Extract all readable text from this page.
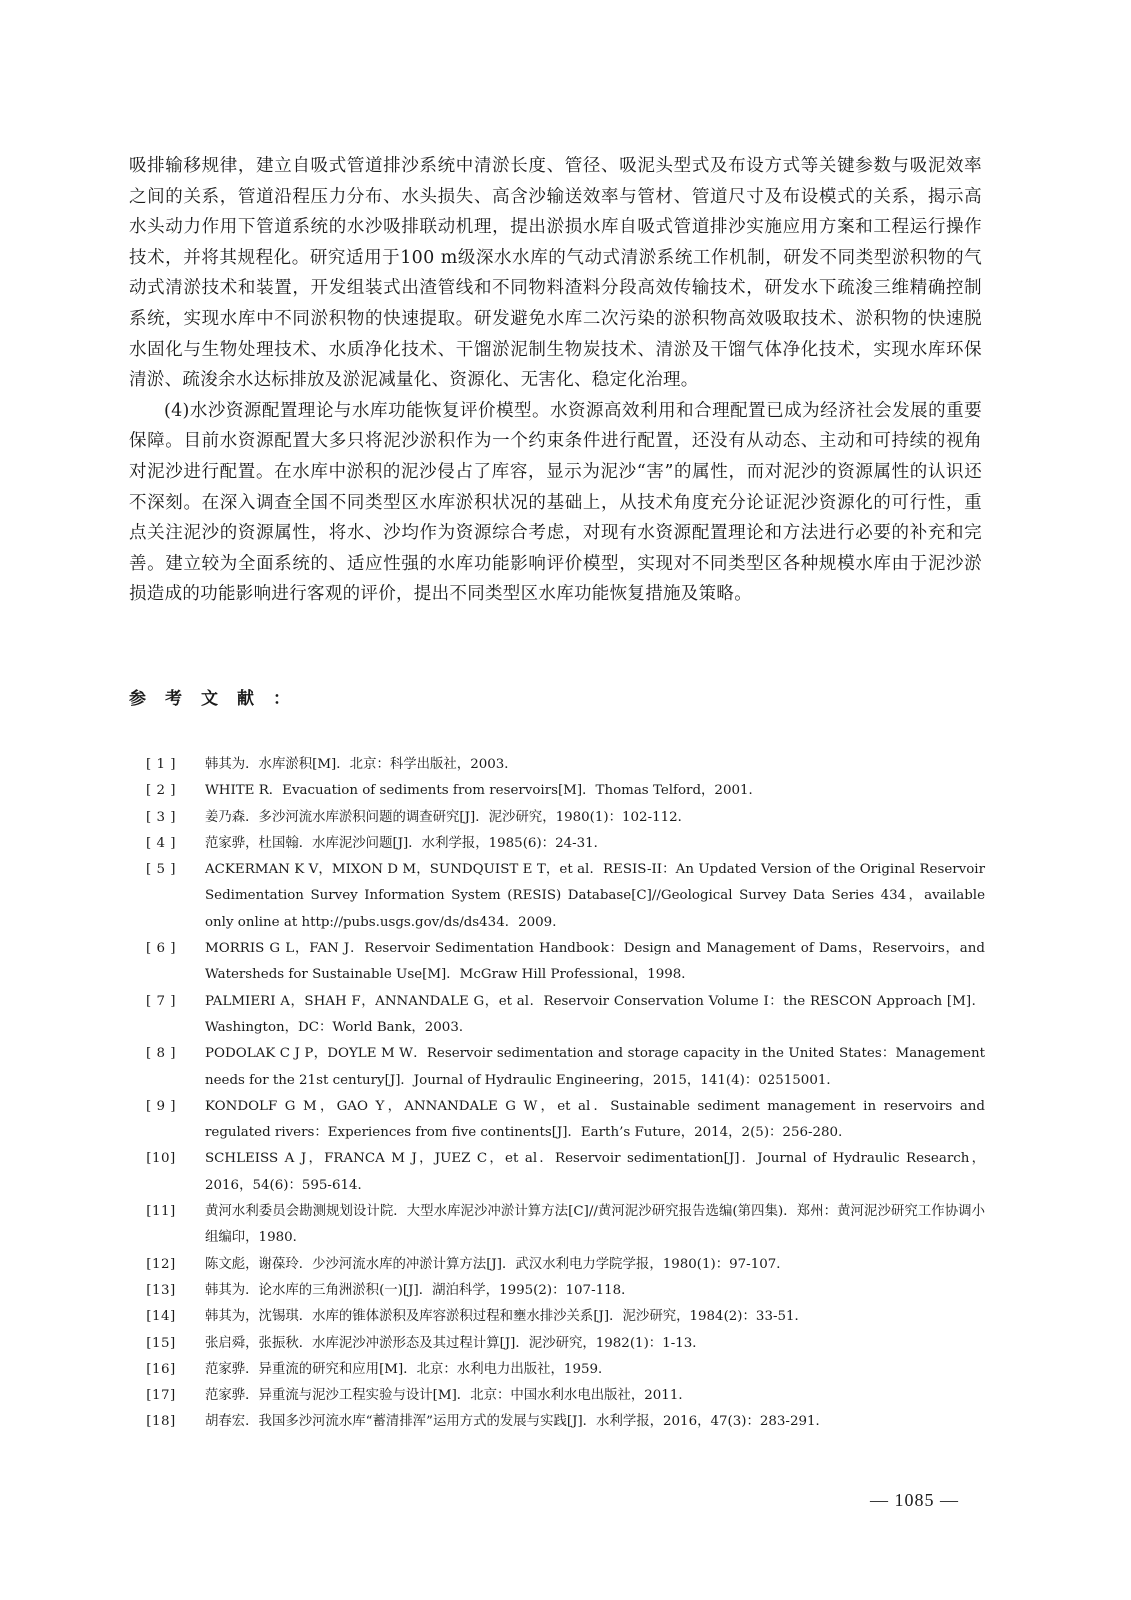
吸排输移规律，建立自吸式管道排沙系统中清淤长度、管径、吸泥头型式及布设方式等关键参数与吸泥效率之间的关系，管道沿程压力分布、水头损失、高含沙输送效率与管材、管道尺寸及布设模式的关系，揭示高水头动力作用下管道系统的水沙吸排联动机理，提出淤损水库自吸式管道排沙实施应用方案和工程运行操作技术，并将其规程化。研究适用于100 m级深水水库的气动式清淤系统工作机制，研发不同类型淤积物的气动式清淤技术和装置，开发组装式出渣管线和不同物料渣料分段高效传输技术，研发水下疏浚三维精确控制系统，实现水库中不同淤积物的快速提取。研发避免水库二次污染的淤积物高效吸取技术、淤积物的快速脱水固化与生物处理技术、水质净化技术、干馏淤泥制生物炭技术、清淤及干馏气体净化技术，实现水库环保清淤、疏浚余水达标排放及淤泥减量化、资源化、无害化、稳定化治理。

(4)水沙资源配置理论与水库功能恢复评价模型。水资源高效利用和合理配置已成为经济社会发展的重要保障。目前水资源配置大多只将泥沙淤积作为一个约束条件进行配置，还没有从动态、主动和可持续的视角对泥沙进行配置。在水库中淤积的泥沙侵占了库容，显示为泥沙“害”的属性，而对泥沙的资源属性的认识还不深刻。在深入调查全国不同类型区水库淤积状况的基础上，从技术角度充分论证泥沙资源化的可行性，重点关注泥沙的资源属性，将水、沙均作为资源综合考虑，对现有水资源配置理论和方法进行必要的补充和完善。建立较为全面系统的、适应性强的水库功能影响评价模型，实现对不同类型区各种规模水库由于泥沙淤损造成的功能影响进行客观的评价，提出不同类型区水库功能恢复措施及策略。

参考文献：
[ 1 ]	韩其为．水库淤积[M]．北京：科学出版社，2003．
[ 2 ]	WHITE R．Evacuation of sediments from reservoirs[M]．Thomas Telford，2001．
[ 3 ]	姜乃森．多沙河流水库淤积问题的调查研究[J]．泥沙研究，1980(1)：102-112．
[ 4 ]	范家骅，杜国翰．水库泥沙问题[J]．水利学报，1985(6)：24-31．
[ 5 ]	ACKERMAN K V，MIXON D M，SUNDQUIST E T，et al．RESIS-II：An Updated Version of the Original Reservoir Sedimentation Survey Information System (RESIS) Database[C]//Geological Survey Data Series 434，available only online at http://pubs.usgs.gov/ds/ds434．2009．
[ 6 ]	MORRIS G L，FAN J．Reservoir Sedimentation Handbook：Design and Management of Dams，Reservoirs，and Watersheds for Sustainable Use[M]．McGraw Hill Professional，1998．
[ 7 ]	PALMIERI A，SHAH F，ANNANDALE G，et al．Reservoir Conservation Volume I：the RESCON Approach [M]．Washington，DC：World Bank，2003．
[ 8 ]	PODOLAK C J P，DOYLE M W．Reservoir sedimentation and storage capacity in the United States：Management needs for the 21st century[J]．Journal of Hydraulic Engineering，2015，141(4)：02515001．
[ 9 ]	KONDOLF G M，GAO Y，ANNANDALE G W，et al．Sustainable sediment management in reservoirs and regulated rivers：Experiences from five continents[J]．Earth’s Future，2014，2(5)：256-280．
[10]	SCHLEISS A J，FRANCA M J，JUEZ C，et al．Reservoir sedimentation[J]．Journal of Hydraulic Research，2016，54(6)：595-614．
[11]	黄河水利委员会勘测规划设计院．大型水库泥沙冲淤计算方法[C]//黄河泥沙研究报告选编(第四集)．郑州：黄河泥沙研究工作协调小组编印，1980．
[12]	陈文彪，谢葆玲．少沙河流水库的冲淤计算方法[J]．武汉水利电力学院学报，1980(1)：97-107．
[13]	韩其为．论水库的三角洲淤积(一)[J]．湖泊科学，1995(2)：107-118．
[14]	韩其为，沈锡琪．水库的锥体淤积及库容淤积过程和壅水排沙关系[J]．泥沙研究，1984(2)：33-51．
[15]	张启舜，张振秋．水库泥沙冲淤形态及其过程计算[J]．泥沙研究，1982(1)：1-13．
[16]	范家骅．异重流的研究和应用[M]．北京：水利电力出版社，1959．
[17]	范家骅．异重流与泥沙工程实验与设计[M]．北京：中国水利水电出版社，2011．
[18]	胡春宏．我国多沙河流水库“蓄清排浑”运用方式的发展与实践[J]．水利学报，2016，47(3)：283-291．
— 1085 —
